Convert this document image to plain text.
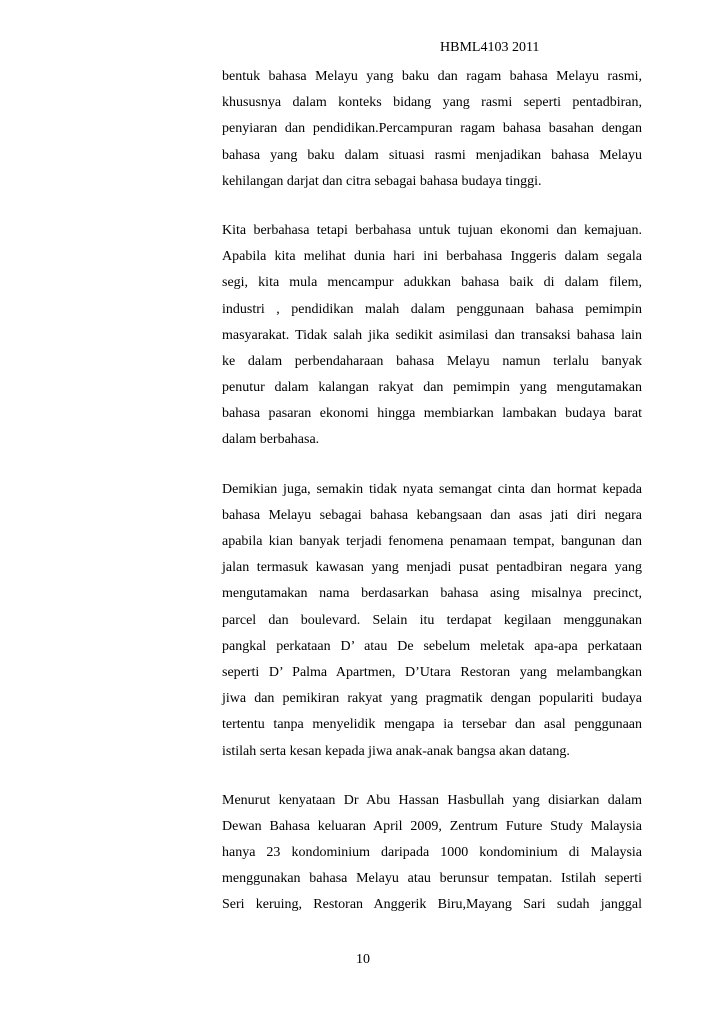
HBML4103 2011
bentuk bahasa Melayu yang baku dan ragam bahasa Melayu rasmi,
khususnya dalam konteks bidang yang rasmi seperti pentadbiran,
penyiaran dan pendidikan.Percampuran ragam bahasa basahan dengan
bahasa yang baku dalam situasi rasmi menjadikan bahasa Melayu
kehilangan darjat dan citra sebagai bahasa budaya tinggi.
Kita berbahasa tetapi berbahasa untuk tujuan ekonomi dan kemajuan.
Apabila kita melihat dunia hari ini berbahasa Inggeris dalam segala
segi, kita mula mencampur adukkan bahasa baik di dalam filem,
industri , pendidikan malah dalam penggunaan bahasa pemimpin
masyarakat. Tidak salah jika sedikit asimilasi dan transaksi bahasa lain
ke dalam perbendaharaan bahasa Melayu namun terlalu banyak
penutur dalam kalangan rakyat dan pemimpin yang mengutamakan
bahasa pasaran ekonomi hingga membiarkan lambakan budaya barat
dalam berbahasa.
Demikian juga, semakin tidak nyata semangat cinta dan hormat kepada
bahasa Melayu sebagai bahasa kebangsaan dan asas jati diri negara
apabila kian banyak terjadi fenomena penamaan tempat, bangunan dan
jalan termasuk kawasan yang menjadi pusat pentadbiran negara yang
mengutamakan nama berdasarkan bahasa asing misalnya precinct,
parcel dan boulevard. Selain itu terdapat kegilaan menggunakan
pangkal perkataan D’ atau De sebelum meletak apa-apa perkataan
seperti D’ Palma Apartmen, D’Utara Restoran yang melambangkan
jiwa dan pemikiran rakyat yang pragmatik dengan populariti budaya
tertentu tanpa menyelidik mengapa ia tersebar dan asal penggunaan
istilah serta kesan kepada jiwa anak-anak bangsa akan datang.
Menurut kenyataan Dr Abu Hassan Hasbullah yang disiarkan dalam
Dewan Bahasa keluaran April 2009, Zentrum Future Study Malaysia
hanya 23 kondominium daripada 1000 kondominium di Malaysia
menggunakan bahasa Melayu atau berunsur tempatan. Istilah seperti
Seri keruing, Restoran Anggerik Biru,Mayang Sari sudah janggal
10
